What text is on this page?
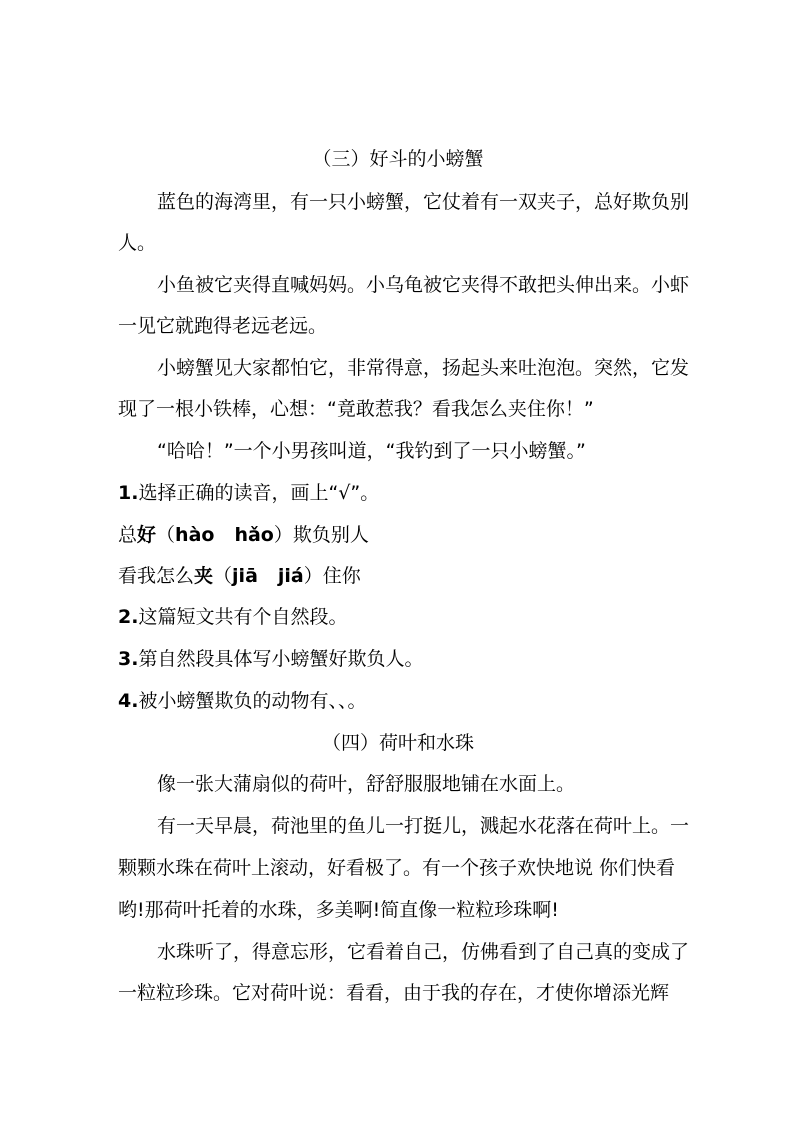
（三）好斗的小螃蟹
蓝色的海湾里，有一只小螃蟹，它仗着有一双夹子，总好欺负别
人。
小鱼被它夹得直喊妈妈。小乌龟被它夹得不敢把头伸出来。小虾
一见它就跑得老远老远。
小螃蟹见大家都怕它，非常得意，扬起头来吐泡泡。突然，它发
现了一根小铁棒，心想：“竟敢惹我？看我怎么夹住你！”
“哈哈！”一个小男孩叫道，“我钓到了一只小螃蟹。”
1.选择正确的读音，画上“√”。
总好（hào hǎo）欺负别人
看我怎么夹（jiā jiá）住你
2.这篇短文共有个自然段。
3.第自然段具体写小螃蟹好欺负人。
4.被小螃蟹欺负的动物有、、。
（四）荷叶和水珠
像一张大蒲扇似的荷叶，舒舒服服地铺在水面上。
有一天早晨，荷池里的鱼儿一打挺儿，溅起水花落在荷叶上。一
颗颗水珠在荷叶上滚动，好看极了。有一个孩子欢快地说 你们快看
哟!那荷叶托着的水珠，多美啊!简直像一粒粒珍珠啊!
水珠听了，得意忘形，它看着自己，仿佛看到了自己真的变成了
一粒粒珍珠。它对荷叶说：看看，由于我的存在，才使你增添光辉
